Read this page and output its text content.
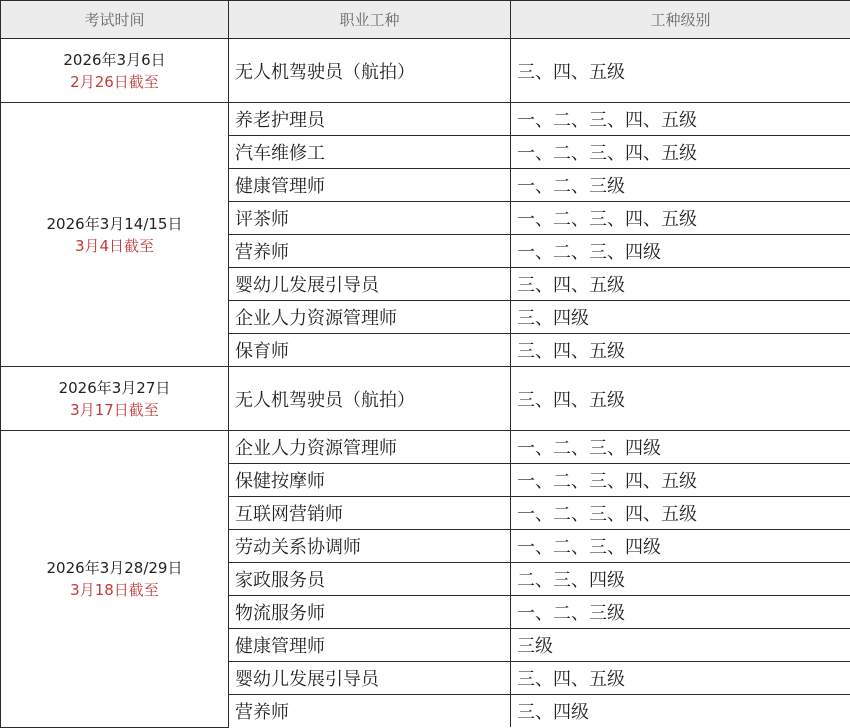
考试时间	职业工种	工种级别

2026年3月6日
2月26日截至	无人机驾驶员（航拍）	三、四、五级

2026年3月14/15日
3月4日截至	养老护理员	一、二、三、四、五级
	汽车维修工	一、二、三、四、五级
	健康管理师	一、二、三级
	评茶师	一、二、三、四、五级
	营养师	一、二、三、四级
	婴幼儿发展引导员	三、四、五级
	企业人力资源管理师	三、四级
	保育师	三、四、五级

2026年3月27日
3月17日截至	无人机驾驶员（航拍）	三、四、五级

2026年3月28/29日
3月18日截至	企业人力资源管理师	一、二、三、四级
	保健按摩师	一、二、三、四、五级
	互联网营销师	一、二、三、四、五级
	劳动关系协调师	一、二、三、四级
	家政服务员	二、三、四级
	物流服务师	一、二、三级
	健康管理师	三级
	婴幼儿发展引导员	三、四、五级
	营养师	三、四级
